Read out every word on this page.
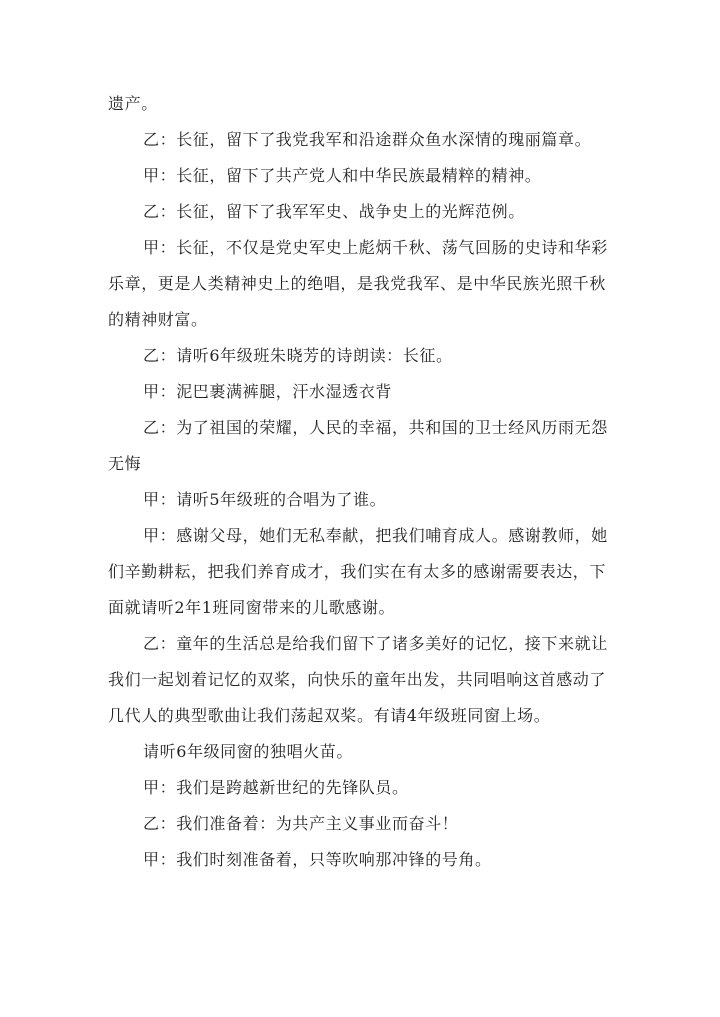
遗产。

乙：长征，留下了我党我军和沿途群众鱼水深情的瑰丽篇章。

甲：长征，留下了共产党人和中华民族最精粹的精神。

乙：长征，留下了我军军史、战争史上的光辉范例。

甲：长征，不仅是党史军史上彪炳千秋、荡气回肠的史诗和华彩乐章，更是人类精神史上的绝唱，是我党我军、是中华民族光照千秋的精神财富。

乙：请听6年级班朱晓芳的诗朗读：长征。

甲：泥巴裹满裤腿，汗水湿透衣背

乙：为了祖国的荣耀，人民的幸福，共和国的卫士经风历雨无怨无悔

甲：请听5年级班的合唱为了谁。

甲：感谢父母，她们无私奉献，把我们哺育成人。感谢教师，她们辛勤耕耘，把我们养育成才，我们实在有太多的感谢需要表达，下面就请听2年1班同窗带来的儿歌感谢。

乙：童年的生活总是给我们留下了诸多美好的记忆，接下来就让我们一起划着记忆的双桨，向快乐的童年出发，共同唱响这首感动了几代人的典型歌曲让我们荡起双桨。有请4年级班同窗上场。

请听6年级同窗的独唱火苗。

甲：我们是跨越新世纪的先锋队员。

乙：我们准备着：为共产主义事业而奋斗！

甲：我们时刻准备着，只等吹响那冲锋的号角。
